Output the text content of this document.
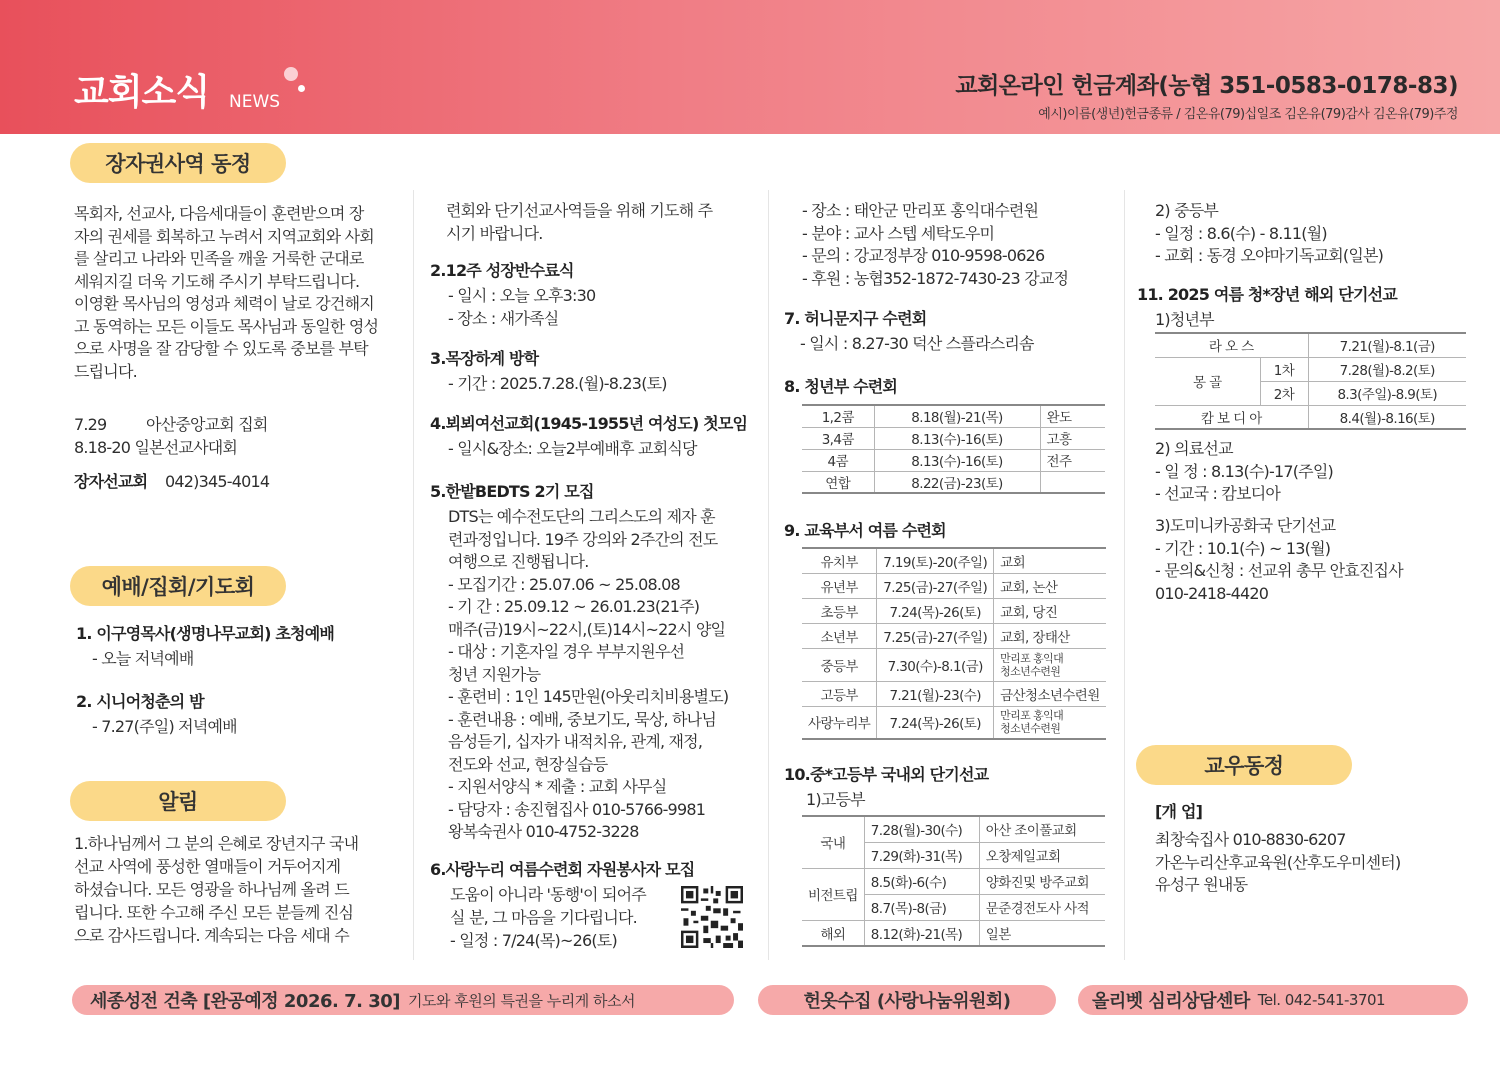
교회소식 NEWS
교회온라인 헌금계좌(농협 351-0583-0178-83)
예시)이름(생년)헌금종류 / 김온유(79)십일조 김온유(79)감사 김온유(79)주정
장자권사역 동정
목회자, 선교사, 다음세대들이 훈련받으며 장
자의 권세를 회복하고 누려서 지역교회와 사회
를 살리고 나라와 민족을 깨울 거룩한 군대로
세워지길 더욱 기도해 주시기 부탁드립니다.
이영환 목사님의 영성과 체력이 날로 강건해지
고 동역하는 모든 이들도 목사님과 동일한 영성
으로 사명을 잘 감당할 수 있도록 중보를 부탁
드립니다.
7.29 아산중앙교회 집회
8.18-20 일본선교사대회
장자선교회 042)345-4014
예배/집회/기도회
1. 이구영목사(생명나무교회) 초청예배
- 오늘 저녁예배
2. 시니어청춘의 밤
- 7.27(주일) 저녁예배
알림
1.하나님께서 그 분의 은혜로 장년지구 국내
선교 사역에 풍성한 열매들이 거두어지게
하셨습니다. 모든 영광을 하나님께 올려 드
립니다. 또한 수고해 주신 모든 분들께 진심
으로 감사드립니다. 계속되는 다음 세대 수
련회와 단기선교사역들을 위해 기도해 주
시기 바랍니다.
2.12주 성장반수료식
- 일시 : 오늘 오후3:30
- 장소 : 새가족실
3.목장하계 방학
- 기간 : 2025.7.28.(월)-8.23(토)
4.뵈뵈여선교회(1945-1955년 여성도) 첫모임
- 일시&장소: 오늘2부예배후 교회식당
5.한밭BEDTS 2기 모집
DTS는 예수전도단의 그리스도의 제자 훈
련과정입니다. 19주 강의와 2주간의 전도
여행으로 진행됩니다.
- 모집기간 : 25.07.06 ~ 25.08.08
- 기 간 : 25.09.12 ~ 26.01.23(21주)
매주(금)19시~22시,(토)14시~22시 양일
- 대상 : 기혼자일 경우 부부지원우선
청년 지원가능
- 훈련비 : 1인 145만원(아웃리치비용별도)
- 훈련내용 : 예배, 중보기도, 묵상, 하나님
음성듣기, 십자가 내적치유, 관계, 재정,
전도와 선교, 현장실습등
- 지원서양식 * 제출 : 교회 사무실
- 담당자 : 송진협집사 010-5766-9981
왕복숙권사 010-4752-3228
6.사랑누리 여름수련회 자원봉사자 모집
도움이 아니라 '동행'이 되어주
실 분, 그 마음을 기다립니다.
- 일정 : 7/24(목)~26(토)
- 장소 : 태안군 만리포 홍익대수련원
- 분야 : 교사 스텝 세탁도우미
- 문의 : 강교정부장 010-9598-0626
- 후원 : 농협352-1872-7430-23 강교정
7. 허니문지구 수련회
- 일시 : 8.27-30 덕산 스플라스리솜
8. 청년부 수련회
1,2콤	8.18(월)-21(목)	완도
3,4콤	8.13(수)-16(토)	고흥
4콤	8.13(수)-16(토)	전주
연합	8.22(금)-23(토)	
9. 교육부서 여름 수련회
유치부	7.19(토)-20(주일)	교회
유년부	7.25(금)-27(주일)	교회, 논산
초등부	7.24(목)-26(토)	교회, 당진
소년부	7.25(금)-27(주일)	교회, 장태산
중등부	7.30(수)-8.1(금)	만리포 홍익대
청소년수련원

고등부	7.21(월)-23(수)	금산청소년수련원
사랑누리부	7.24(목)-26(토)	만리포 홍익대
청소년수련원
10.중*고등부 국내외 단기선교
1)고등부
국내	7.28(월)-30(수)	아산 조이풀교회
	7.29(화)-31(목)	오창제일교회
비전트립	8.5(화)-6(수)	양화진및 방주교회
	8.7(목)-8(금)	문준경전도사 사적
해외	8.12(화)-21(목)	일본
2) 중등부
- 일정 : 8.6(수) - 8.11(월)
- 교회 : 동경 오야마기독교회(일본)
11. 2025 여름 청*장년 해외 단기선교
1)청년부
라 오 스		7.21(월)-8.1(금)
몽 골	1차	7.28(월)-8.2(토)
	2차	8.3(주일)-8.9(토)
캄 보 디 아		8.4(월)-8.16(토)
2) 의료선교
- 일 정 : 8.13(수)-17(주일)
- 선교국 : 캄보디아
3)도미니카공화국 단기선교
- 기간 : 10.1(수) ~ 13(월)
- 문의&신청 : 선교위 총무 안효진집사
010-2418-4420
교우동정
[개 업]
최창숙집사 010-8830-6207
가온누리산후교육원(산후도우미센터)
유성구 원내동
세종성전 건축 [완공예정 2026. 7. 30] 기도와 후원의 특권을 누리게 하소서	헌옷수집 (사랑나눔위원회)	올리벳 심리상담센타 Tel. 042-541-3701
